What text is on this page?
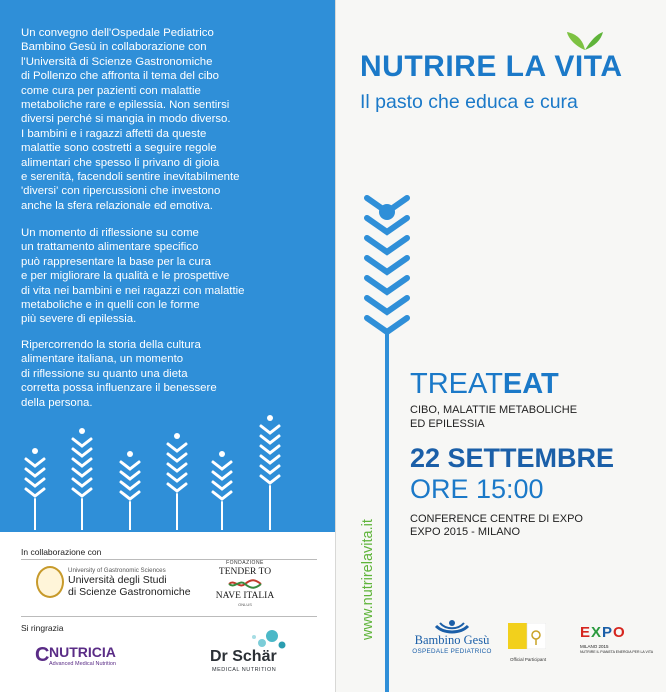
Un convegno dell'Ospedale Pediatrico
Bambino Gesù in collaborazione con
l'Università di Scienze Gastronomiche
di Pollenzo che affronta il tema del cibo
come cura per pazienti con malattie
metaboliche rare e epilessia. Non sentirsi
diversi perché si mangia in modo diverso.
I bambini e i ragazzi affetti da queste
malattie sono costretti a seguire regole
alimentari che spesso li privano di gioia
e serenità, facendoli sentire inevitabilmente
'diversi' con ripercussioni che investono
anche la sfera relazionale ed emotiva.

Un momento di riflessione su come
un trattamento alimentare specifico
può rappresentare la base per la cura
e per migliorare la qualità e le prospettive
di vita nei bambini e nei ragazzi con malattie
metaboliche e in quelli con le forme
più severe di epilessia.

Ripercorrendo la storia della cultura
alimentare italiana, un momento
di riflessione su quanto una dieta
corretta possa influenzare il benessere
della persona.

In collaborazione con

University of Gastronomic Sciences

Università degli Studi

di Scienze Gastronomiche

FONDAZIONE

TENDER TO

NAVE ITALIA

ONLUS

Si ringrazia

C NUTRICIA

Advanced Medical Nutrition	Dr Schär

MEDICAL NUTRITION

NUTRIRE LA VITA

Il pasto che educa e cura

TREATEAT

CIBO, MALATTIE METABOLICHE
ED EPILESSIA

22 SETTEMBRE

ORE 15:00

CONFERENCE CENTRE DI EXPO
EXPO 2015 - MILANO

www.nutrirelavita.it	Bambino Gesù

OSPEDALE PEDIATRICO

Official Participant

EXPO

MILANO 2015

NUTRIRE IL PIANETA ENERGIA PER LA VITA
